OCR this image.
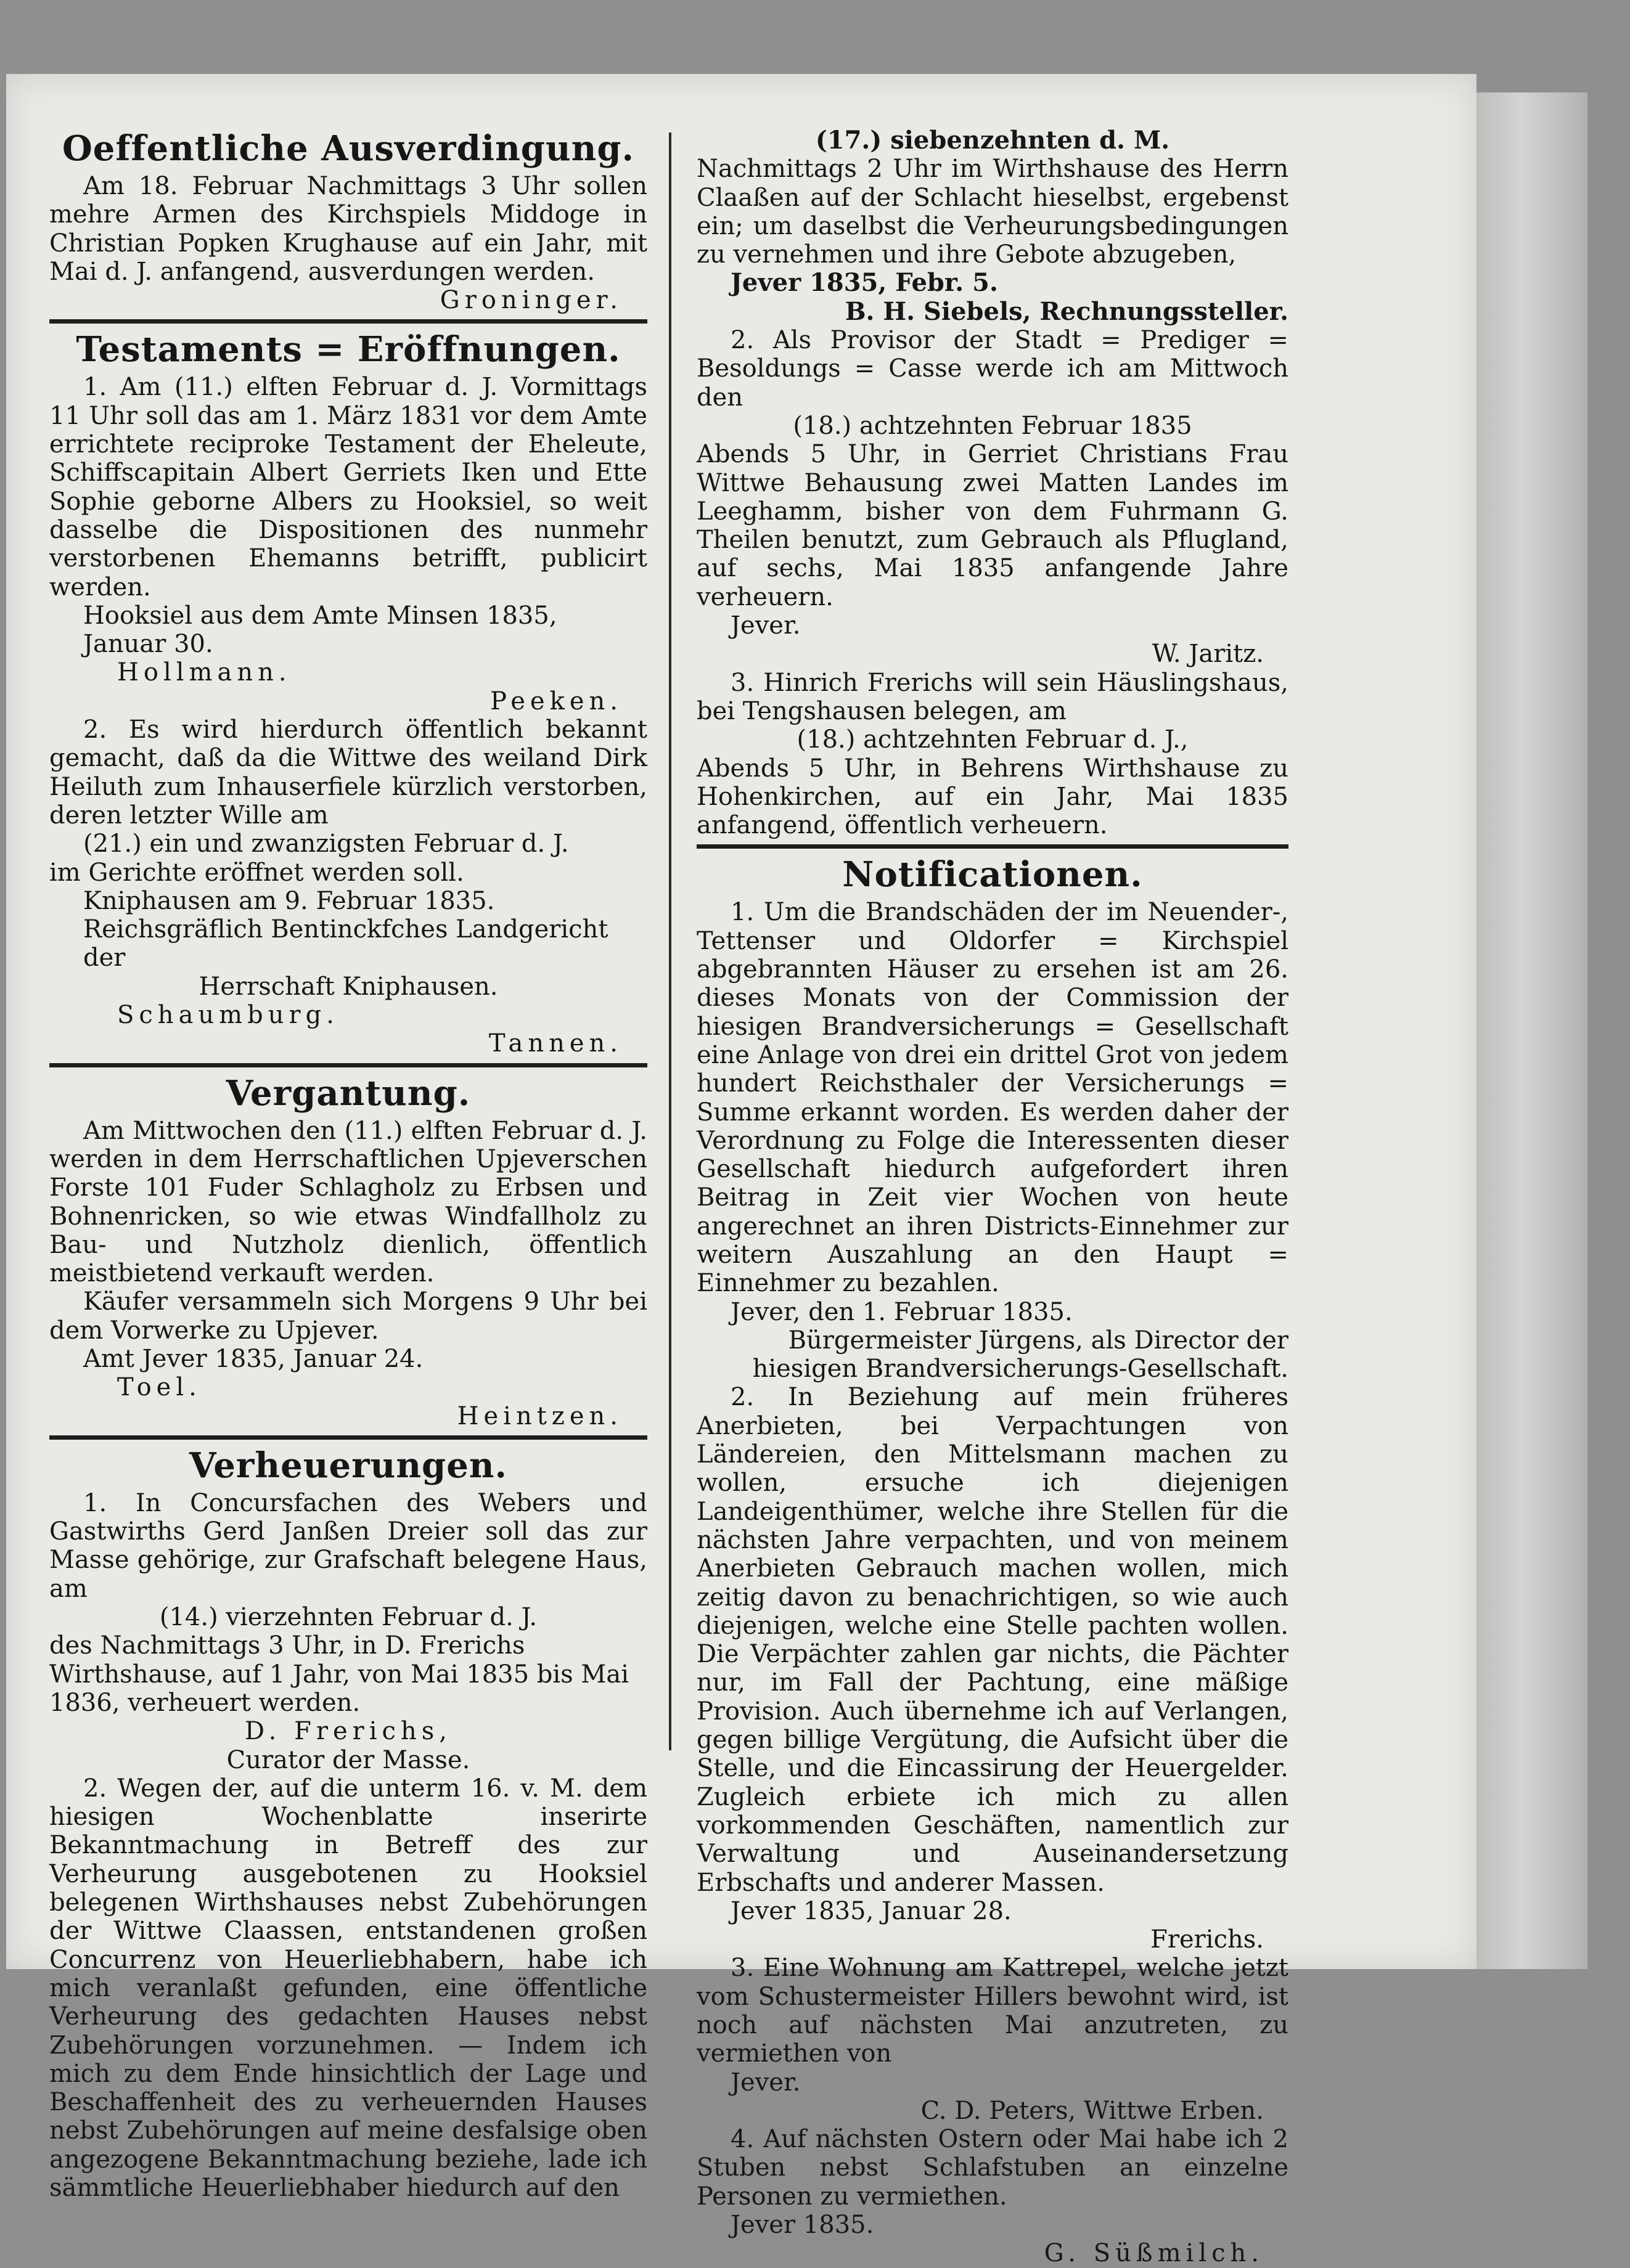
Oeffentliche Ausverdingung.

Am 18. Februar Nachmittags 3 Uhr sollen mehre Armen des Kirchspiels Middoge in Christian Popken Krughause auf ein Jahr, mit Mai d. J. anfangend, ausverdungen werden.

Groninger.

Testaments = Eröffnungen.

1. Am (11.) elften Februar d. J. Vormittags 11 Uhr soll das am 1. März 1831 vor dem Amte errichtete reciproke Testament der Eheleute, Schiffscapitain Albert Gerriets Iken und Ette Sophie geborne Albers zu Hooksiel, so weit dasselbe die Dispositionen des nunmehr verstorbenen Ehemanns betrifft, publicirt werden.

Hooksiel aus dem Amte Minsen 1835, Januar 30.

Hollmann.

Peeken.

2. Es wird hierdurch öffentlich bekannt gemacht, daß da die Wittwe des weiland Dirk Heiluth zum Inhauserfiele kürzlich verstorben, deren letzter Wille am

(21.) ein und zwanzigsten Februar d. J.

im Gerichte eröffnet werden soll.

Kniphausen am 9. Februar 1835.

Reichsgräflich Bentinckfches Landgericht der

Herrschaft Kniphausen.

Schaumburg.

Tannen.

Vergantung.

Am Mittwochen den (11.) elften Februar d. J. werden in dem Herrschaftlichen Upjeverschen Forste 101 Fuder Schlagholz zu Erbsen und Bohnenricken, so wie etwas Windfallholz zu Bau- und Nutzholz dienlich, öffentlich meistbietend verkauft werden.

Käufer versammeln sich Morgens 9 Uhr bei dem Vorwerke zu Upjever.

Amt Jever 1835, Januar 24.

Toel.

Heintzen.

Verheuerungen.

1. In Concursfachen des Webers und Gastwirths Gerd Janßen Dreier soll das zur Masse gehörige, zur Grafschaft belegene Haus, am

(14.) vierzehnten Februar d. J.

des Nachmittags 3 Uhr, in D. Frerichs Wirthshause, auf 1 Jahr, von Mai 1835 bis Mai 1836, verheuert werden.

D. Frerichs,

Curator der Masse.

2. Wegen der, auf die unterm 16. v. M. dem hiesigen Wochenblatte inserirte Bekanntmachung in Betreff des zur Verheurung ausgebotenen zu Hooksiel belegenen Wirthshauses nebst Zubehörungen der Wittwe Claassen, entstandenen großen Concurrenz von Heuerliebhabern, habe ich mich veranlaßt gefunden, eine öffentliche Verheurung des gedachten Hauses nebst Zubehörungen vorzunehmen. — Indem ich mich zu dem Ende hinsichtlich der Lage und Beschaffenheit des zu verheuernden Hauses nebst Zubehörungen auf meine desfalsige oben angezogene Bekanntmachung beziehe, lade ich sämmtliche Heuerliebhaber hiedurch auf den

(17.) siebenzehnten d. M.

Nachmittags 2 Uhr im Wirthshause des Herrn Claaßen auf der Schlacht hieselbst, ergebenst ein; um daselbst die Verheurungsbedingungen zu vernehmen und ihre Gebote abzugeben,

Jever 1835, Febr. 5.

B. H. Siebels, Rechnungssteller.

2. Als Provisor der Stadt = Prediger = Besoldungs = Casse werde ich am Mittwoch den

(18.) achtzehnten Februar 1835

Abends 5 Uhr, in Gerriet Christians Frau Wittwe Behausung zwei Matten Landes im Leeghamm, bisher von dem Fuhrmann G. Theilen benutzt, zum Gebrauch als Pflugland, auf sechs, Mai 1835 anfangende Jahre verheuern.

Jever.

W. Jaritz.

3. Hinrich Frerichs will sein Häuslingshaus, bei Tengshausen belegen, am

(18.) achtzehnten Februar d. J.,

Abends 5 Uhr, in Behrens Wirthshause zu Hohenkirchen, auf ein Jahr, Mai 1835 anfangend, öffentlich verheuern.

Notificationen.

1. Um die Brandschäden der im Neuender-, Tettenser und Oldorfer = Kirchspiel abgebrannten Häuser zu ersehen ist am 26. dieses Monats von der Commission der hiesigen Brandversicherungs = Gesellschaft eine Anlage von drei ein drittel Grot von jedem hundert Reichsthaler der Versicherungs = Summe erkannt worden. Es werden daher der Verordnung zu Folge die Interessenten dieser Gesellschaft hiedurch aufgefordert ihren Beitrag in Zeit vier Wochen von heute angerechnet an ihren Districts-Einnehmer zur weitern Auszahlung an den Haupt = Einnehmer zu bezahlen.

Jever, den 1. Februar 1835.

Bürgermeister Jürgens, als Director der

hiesigen Brandversicherungs-Gesellschaft.

2. In Beziehung auf mein früheres Anerbieten, bei Verpachtungen von Ländereien, den Mittelsmann machen zu wollen, ersuche ich diejenigen Landeigenthümer, welche ihre Stellen für die nächsten Jahre verpachten, und von meinem Anerbieten Gebrauch machen wollen, mich zeitig davon zu benachrichtigen, so wie auch diejenigen, welche eine Stelle pachten wollen. Die Verpächter zahlen gar nichts, die Pächter nur, im Fall der Pachtung, eine mäßige Provision. Auch übernehme ich auf Verlangen, gegen billige Vergütung, die Aufsicht über die Stelle, und die Eincassirung der Heuergelder. Zugleich erbiete ich mich zu allen vorkommenden Geschäften, namentlich zur Verwaltung und Auseinandersetzung Erbschafts und anderer Massen.

Jever 1835, Januar 28.

Frerichs.

3. Eine Wohnung am Kattrepel, welche jetzt vom Schustermeister Hillers bewohnt wird, ist noch auf nächsten Mai anzutreten, zu vermiethen von

Jever.

C. D. Peters, Wittwe Erben.

4. Auf nächsten Ostern oder Mai habe ich 2 Stuben nebst Schlafstuben an einzelne Personen zu vermiethen.

Jever 1835.

G. Süßmilch.
